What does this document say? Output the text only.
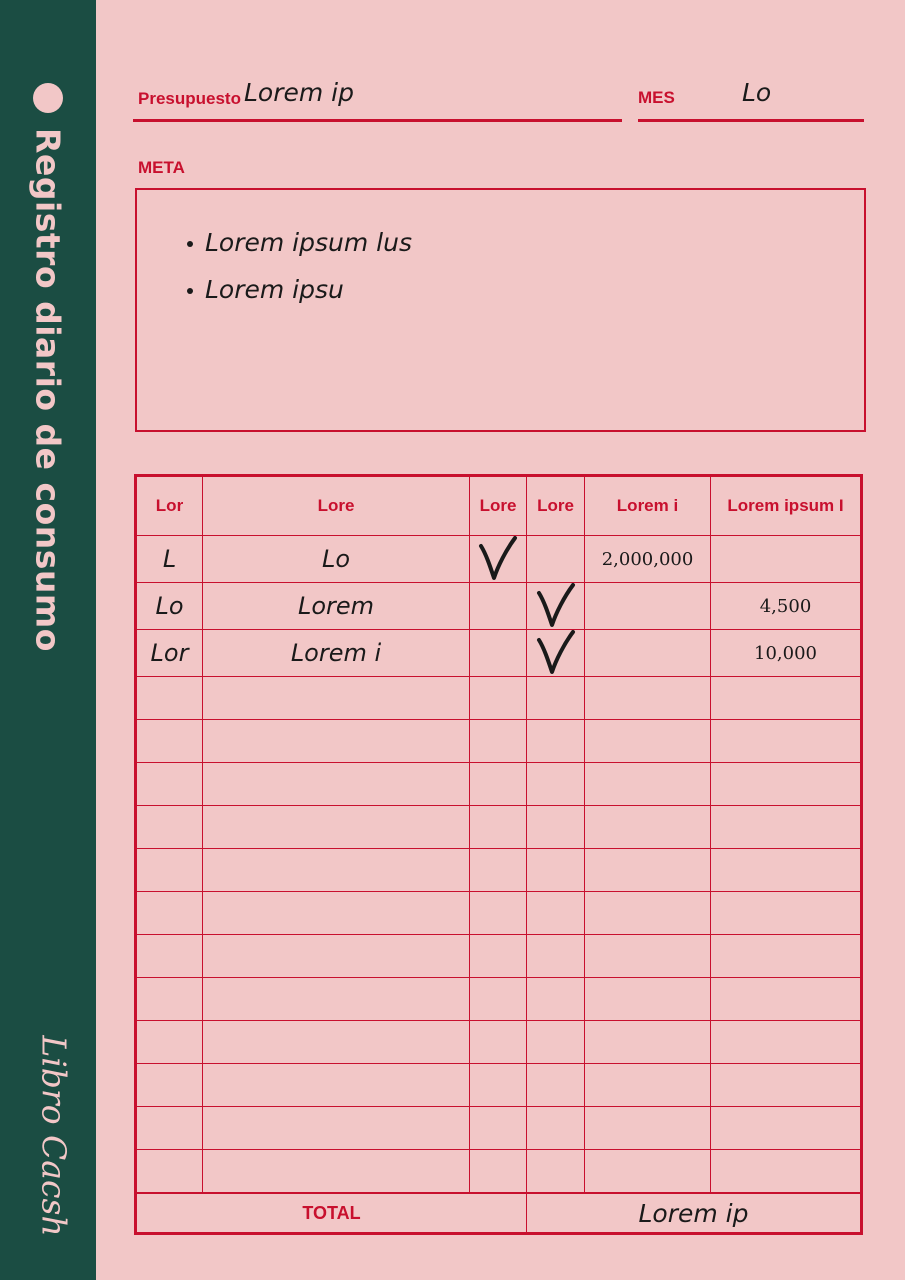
Registro diario de consumo
Libro Cacsh
Presupuesto Lorem ip	MES	Lo
META
Lorem ipsum lus
Lorem ipsu
Lor	Lore	Lore	Lore	Lorem i	Lorem ipsum I
L	Lo			2,000,000	
Lo	Lorem				4,500
Lor	Lorem i				10,000

TOTAL			Lorem ip		
